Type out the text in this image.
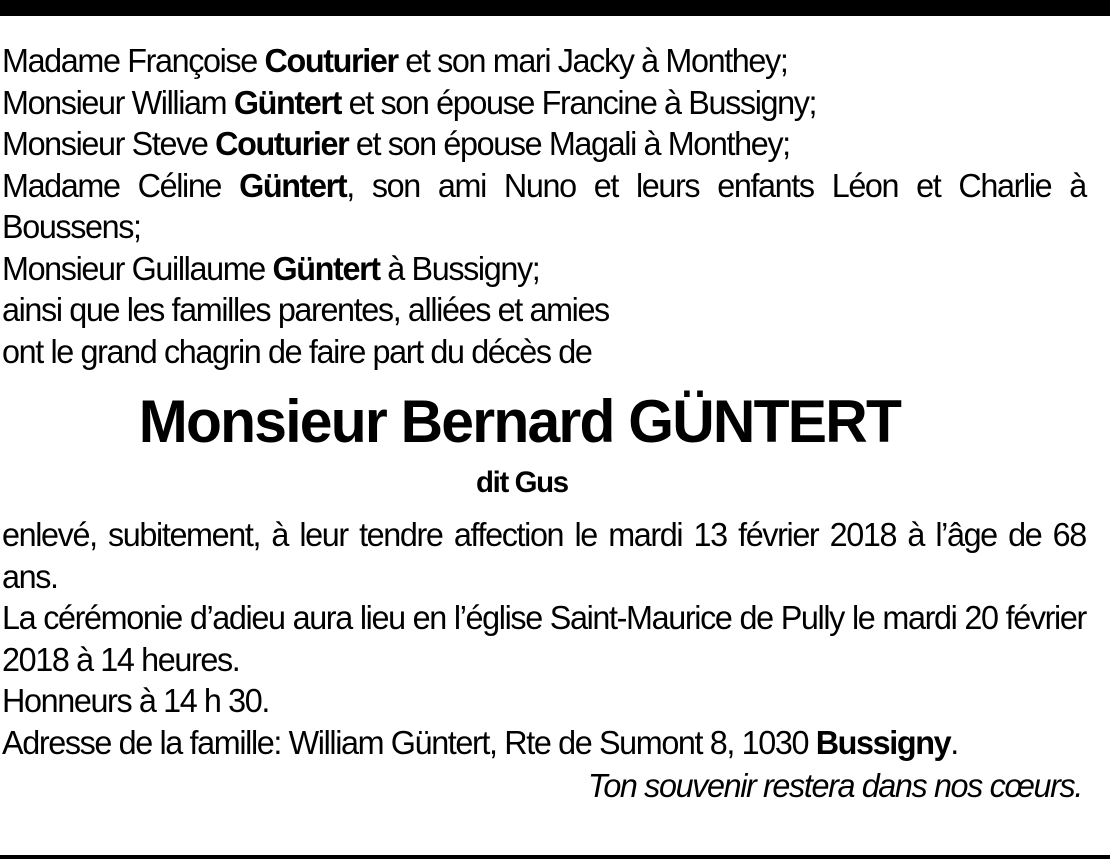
Madame Françoise Couturier et son mari Jacky à Monthey;

Monsieur William Güntert et son épouse Francine à Bussigny;

Monsieur Steve Couturier et son épouse Magali à Monthey;

Madame Céline Güntert, son ami Nuno et leurs enfants Léon et Charlie à Boussens;

Monsieur Guillaume Güntert à Bussigny;

ainsi que les familles parentes, alliées et amies

ont le grand chagrin de faire part du décès de

Monsieur Bernard GÜNTERT
dit Gus

enlevé, subitement, à leur tendre affection le mardi 13 février 2018 à l’âge de 68 ans.

La cérémonie d’adieu aura lieu en l’église Saint-Maurice de Pully le mardi 20 février 2018 à 14 heures.

Honneurs à 14 h 30.

Adresse de la famille: William Güntert, Rte de Sumont 8, 1030 Bussigny.

Ton souvenir restera dans nos cœurs.
